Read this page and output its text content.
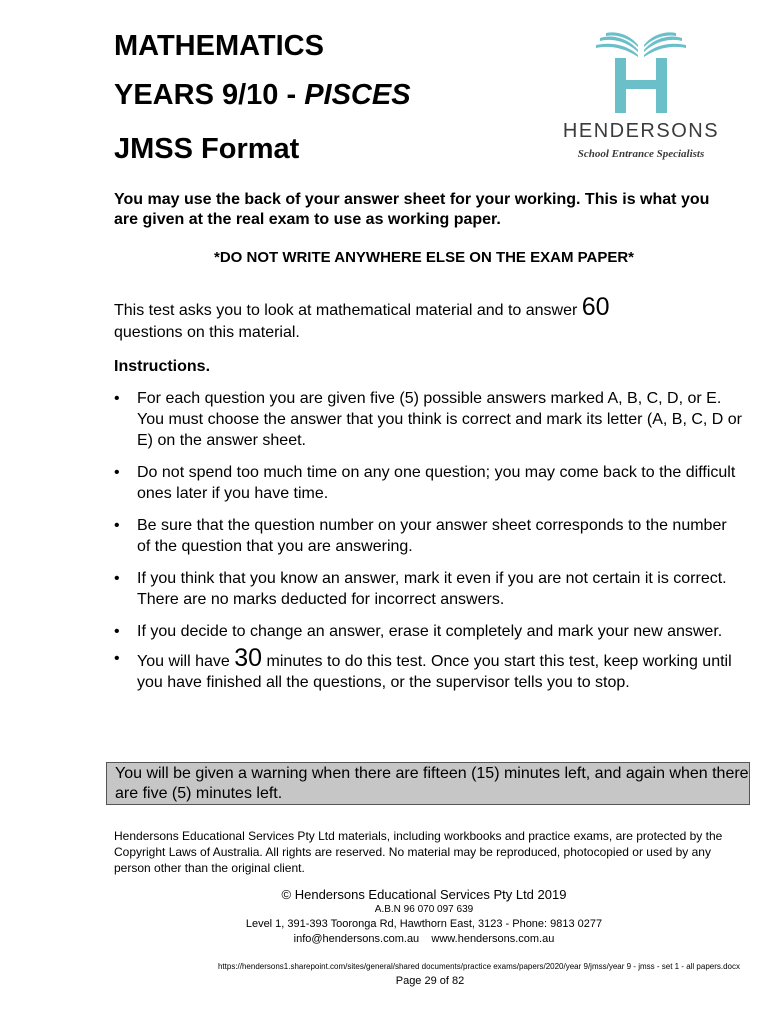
MATHEMATICS
YEARS 9/10 - PISCES
JMSS Format
HENDERSONS
School Entrance Specialists
You may use the back of your answer sheet for your working. This is what you are given at the real exam to use as working paper.
*DO NOT WRITE ANYWHERE ELSE ON THE EXAM PAPER*
This test asks you to look at mathematical material and to answer 60
questions on this material.
Instructions.
• For each question you are given five (5) possible answers marked A, B, C, D, or E. You must choose the answer that you think is correct and mark its letter (A, B, C, D or E) on the answer sheet.
• Do not spend too much time on any one question; you may come back to the difficult ones later if you have time.
• Be sure that the question number on your answer sheet corresponds to the number of the question that you are answering.
• If you think that you know an answer, mark it even if you are not certain it is correct. There are no marks deducted for incorrect answers.
• If you decide to change an answer, erase it completely and mark your new answer.
• You will have 30 minutes to do this test. Once you start this test, keep working until you have finished all the questions, or the supervisor tells you to stop.
You will be given a warning when there are fifteen (15) minutes left, and again when there are five (5) minutes left.
Hendersons Educational Services Pty Ltd materials, including workbooks and practice exams, are protected by the Copyright Laws of Australia. All rights are reserved. No material may be reproduced, photocopied or used by any person other than the original client.
© Hendersons Educational Services Pty Ltd 2019
A.B.N 96 070 097 639
Level 1, 391-393 Tooronga Rd, Hawthorn East, 3123 - Phone: 9813 0277
info@hendersons.com.au www.hendersons.com.au
https://hendersons1.sharepoint.com/sites/general/shared documents/practice exams/papers/2020/year 9/jmss/year 9 - jmss - set 1 - all papers.docx
Page 29 of 82
